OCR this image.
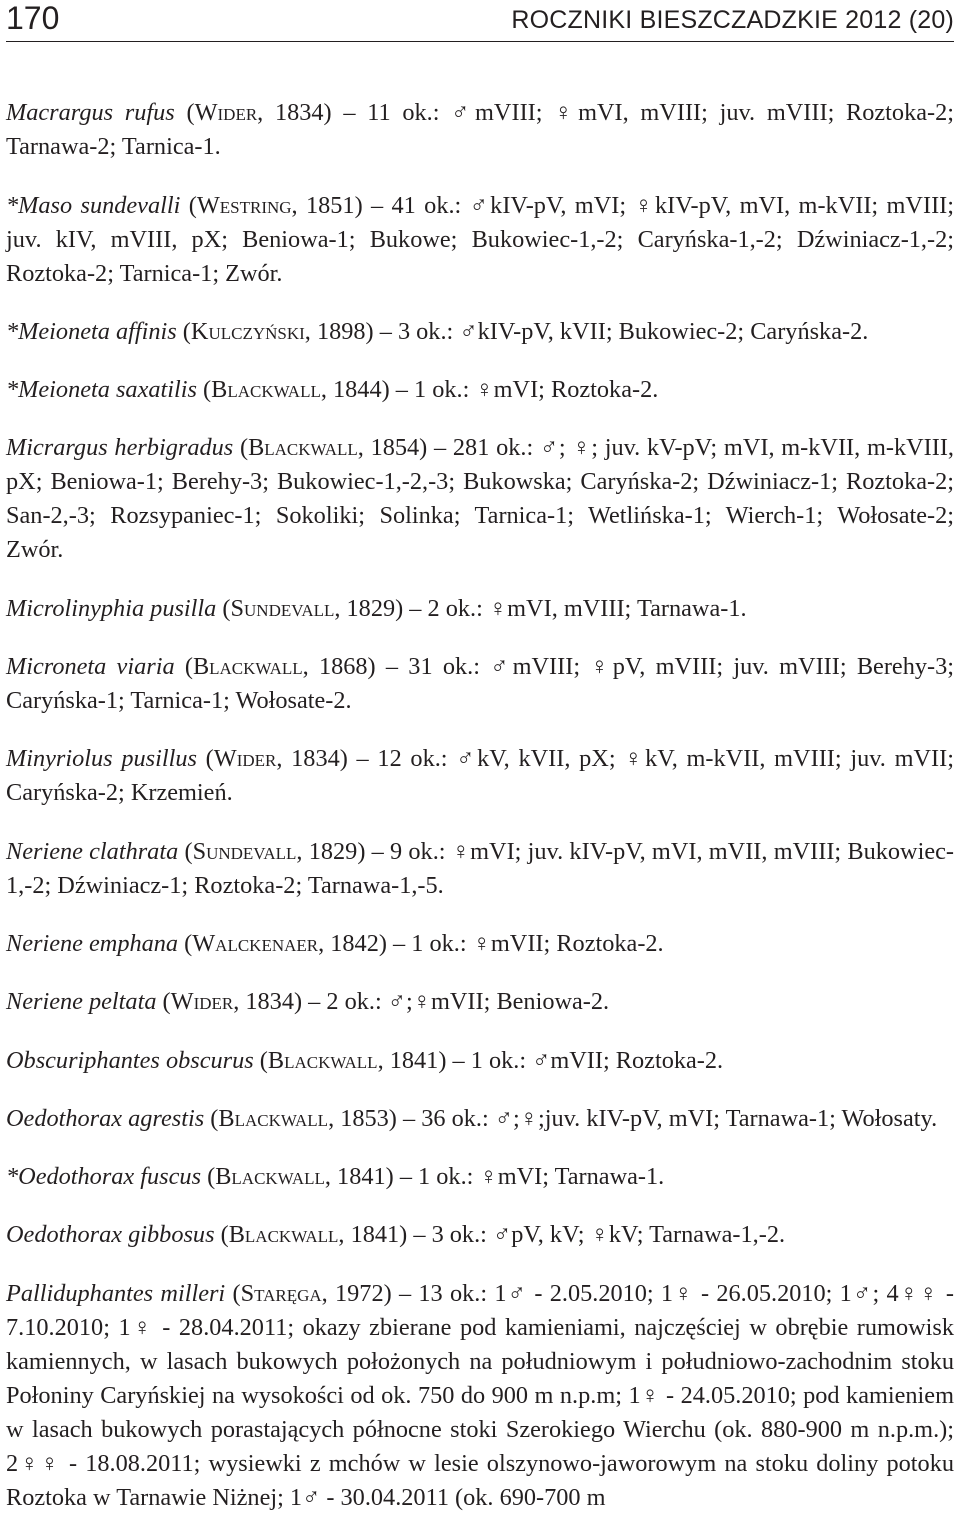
170	ROCZNIKI BIESZCZADZKIE 2012 (20)

Macrargus rufus (Wider, 1834) – 11 ok.: ♂mVIII; ♀mVI, mVIII; juv. mVIII; Roztoka-2; Tarnawa-2; Tarnica-1.

*Maso sundevalli (Westring, 1851) – 41 ok.: ♂kIV-pV, mVI; ♀kIV-pV, mVI, m-kVII; mVIII; juv. kIV, mVIII, pX; Beniowa-1; Bukowe; Bukowiec-1,-2; Caryńska-1,-2; Dźwiniacz-1,-2; Roztoka-2; Tarnica-1; Zwór.

*Meioneta affinis (Kulczyński, 1898) – 3 ok.: ♂kIV-pV, kVII; Bukowiec-2; Caryńska-2.

*Meioneta saxatilis (Blackwall, 1844) – 1 ok.: ♀mVI; Roztoka-2.

Micrargus herbigradus (Blackwall, 1854) – 281 ok.: ♂; ♀; juv. kV-pV; mVI, m-kVII, m-kVIII, pX; Beniowa-1; Berehy-3; Bukowiec-1,-2,-3; Bukowska; Caryńska-2; Dźwiniacz-1; Roztoka-2; San-2,-3; Rozsypaniec-1; Sokoliki; Solinka; Tarnica-1; Wetlińska-1; Wierch-1; Wołosate-2; Zwór.

Microlinyphia pusilla (Sundevall, 1829) – 2 ok.: ♀mVI, mVIII; Tarnawa-1.

Microneta viaria (Blackwall, 1868) – 31 ok.: ♂mVIII; ♀pV, mVIII; juv. mVIII; Berehy-3; Caryńska-1; Tarnica-1; Wołosate-2.

Minyriolus pusillus (Wider, 1834) – 12 ok.: ♂kV, kVII, pX; ♀kV, m-kVII, mVIII; juv. mVII; Caryńska-2; Krzemień.

Neriene clathrata (Sundevall, 1829) – 9 ok.: ♀mVI; juv. kIV-pV, mVI, mVII, mVIII; Bukowiec-1,-2; Dźwiniacz-1; Roztoka-2; Tarnawa-1,-5.

Neriene emphana (Walckenaer, 1842) – 1 ok.: ♀mVII; Roztoka-2.

Neriene peltata (Wider, 1834) – 2 ok.: ♂;♀mVII; Beniowa-2.

Obscuriphantes obscurus (Blackwall, 1841) – 1 ok.: ♂mVII; Roztoka-2.

Oedothorax agrestis (Blackwall, 1853) – 36 ok.: ♂;♀;juv. kIV-pV, mVI; Tarnawa-1; Wołosaty.

*Oedothorax fuscus (Blackwall, 1841) – 1 ok.: ♀mVI; Tarnawa-1.

Oedothorax gibbosus (Blackwall, 1841) – 3 ok.: ♂pV, kV; ♀kV; Tarnawa-1,-2.

Palliduphantes milleri (Staręga, 1972) – 13 ok.: 1♂ - 2.05.2010; 1♀ - 26.05.2010; 1♂; 4♀♀ - 7.10.2010; 1♀ - 28.04.2011; okazy zbierane pod kamieniami, najczęściej w obrębie rumowisk kamiennych, w lasach bukowych położonych na południowym i południowo-zachodnim stoku Połoniny Caryńskiej na wysokości od ok. 750 do 900 m n.p.m; 1♀ - 24.05.2010; pod kamieniem w lasach bukowych porastających północne stoki Szerokiego Wierchu (ok. 880-900 m n.p.m.); 2♀♀ - 18.08.2011; wysiewki z mchów w lesie olszynowo-jaworowym na stoku doliny potoku Roztoka w Tarnawie Niżnej; 1♂ - 30.04.2011 (ok. 690-700 m
